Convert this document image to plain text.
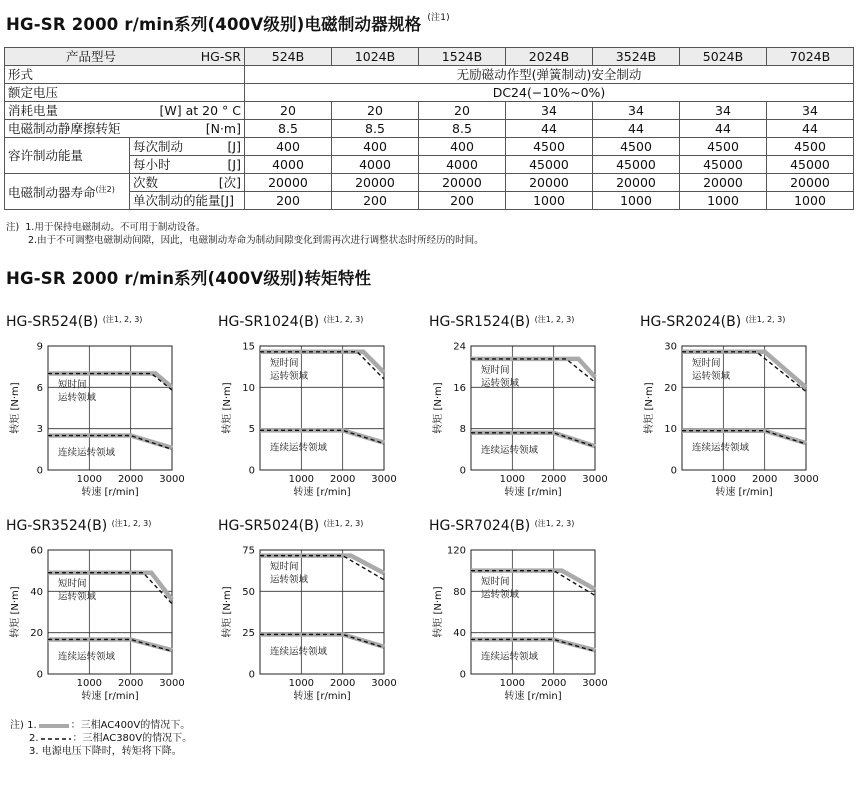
HG-SR 2000 r/min系列(400V级别)电磁制动器规格 $^{(注1)}$
产品型号 HG-SR		524B	1024B	1524B	2024B	3524B	5024B	7024B
形式		无励磁动作型(弹簧制动)安全制动						
额定电压		DC24(−10%~0%)						

消耗电量 [W] at 20 ° C		20	20	20	34	34	34	34

电磁制动静摩擦转矩 [N·m]		8.5	8.5	8.5	44	44	44	44
容许制动能量	每次制动 [J]	400	400	400	4500	4500	4500	4500

	每小时 [J]	4000	4000	4000	45000	45000	45000	45000
电磁制动器寿命$^{(注2)}$	次数 [次]	20000	20000	20000	20000	20000	20000	20000
	单次制动的能量[J]	200	200	200	1000	1000	1000	1000
注) 1.用于保持电磁制动。不可用于制动设备。
2.由于不可调整电磁制动间隙，因此，电磁制动寿命为制动间隙变化到需再次进行调整状态时所经历的时间。
HG-SR 2000 r/min系列(400V级别)转矩特性
HG-SR524(B) $^{(注1, 2, 3)}$
0
3
6
9
1000 2000 3000
转速 [r/min]
转矩 [N·m]	短时间
运转领域
连续运转领域
HG-SR1024(B) $^{(注1, 2, 3)}$
0
5
10
15
1000 2000 3000
转速 [r/min]
转矩 [N·m]
短时间
运转领域
连续运转领域
HG-SR1524(B) $^{(注1, 2, 3)}$
0
8
16
24
1000 2000 3000
转速 [r/min]
转矩 [N·m]
短时间
运转领域
连续运转领域
HG-SR2024(B) $^{(注1, 2, 3)}$
0
10
20
30
1000 2000 3000
转速 [r/min]
转矩 [N·m]
短时间
运转领域
连续运转领域
HG-SR3524(B) $^{(注1, 2, 3)}$
0
20
40
60
1000 2000 3000
转速 [r/min]
转矩 [N·m]
短时间
运转领域
连续运转领域
HG-SR5024(B) $^{(注1, 2, 3)}$
0
25
50
75
1000 2000 3000
转速 [r/min]
转矩 [N·m]
短时间
运转领域
连续运转领域
HG-SR7024(B) $^{(注1, 2, 3)}$
0
40
80
120
1000 2000 3000
转速 [r/min]
转矩 [N·m]
短时间
运转领域
连续运转领域
注) 1.	：三相AC400V的情况下。
2.	：三相AC380V的情况下。
3. 电源电压下降时，转矩将下降。
